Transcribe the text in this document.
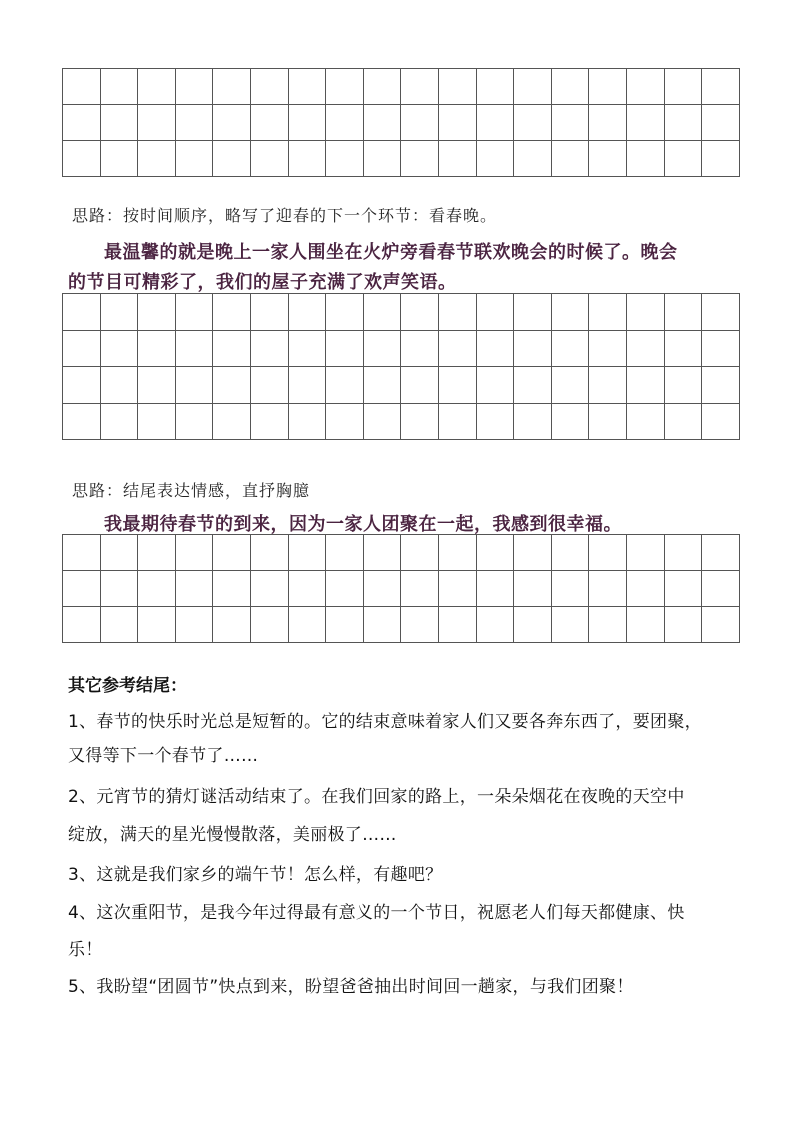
思路：按时间顺序，略写了迎春的下一个环节：看春晚。
最温馨的就是晚上一家人围坐在火炉旁看春节联欢晚会的时候了。晚会
的节目可精彩了，我们的屋子充满了欢声笑语。

思路：结尾表达情感，直抒胸臆
我最期待春节的到来，因为一家人团聚在一起，我感到很幸福。

其它参考结尾：
1、春节的快乐时光总是短暂的。它的结束意味着家人们又要各奔东西了，要团聚，
又得等下一个春节了……
2、元宵节的猜灯谜活动结束了。在我们回家的路上，一朵朵烟花在夜晚的天空中
绽放，满天的星光慢慢散落，美丽极了……
3、这就是我们家乡的端午节！怎么样，有趣吧？
4、这次重阳节，是我今年过得最有意义的一个节日，祝愿老人们每天都健康、快
乐！
5、我盼望“团圆节”快点到来，盼望爸爸抽出时间回一趟家，与我们团聚！
